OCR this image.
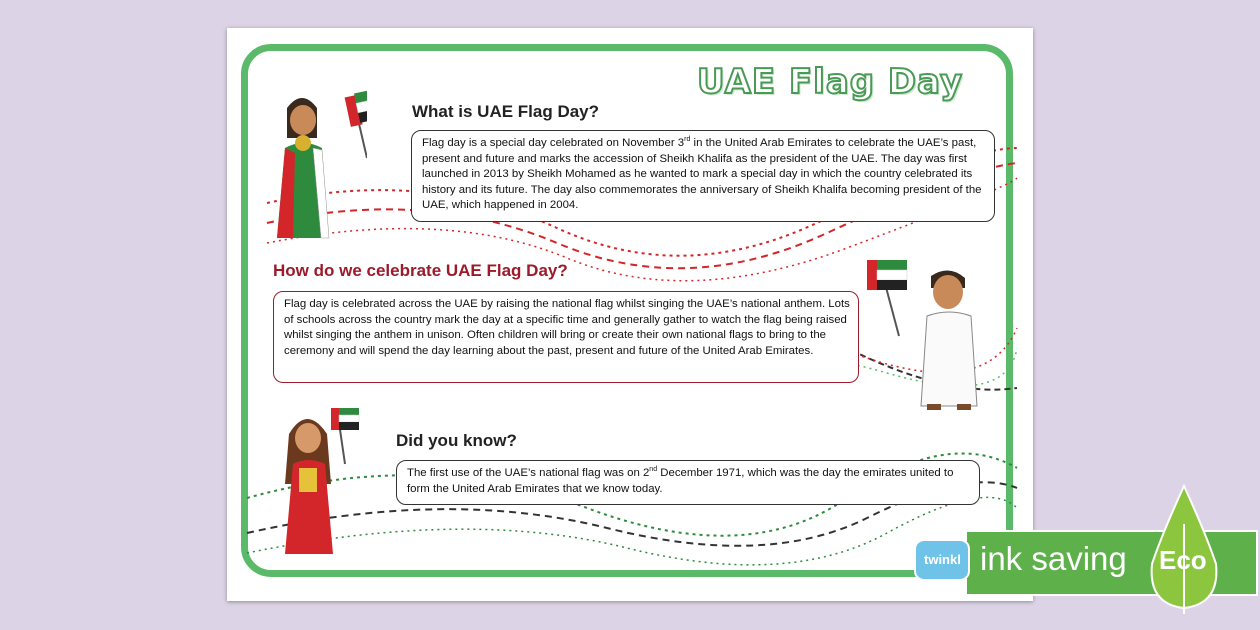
UAE Flag Day
What is UAE Flag Day?
Flag day is a special day celebrated on November 3rd in the United Arab Emirates to celebrate the UAE’s past, present and future and marks the accession of Sheikh Khalifa as the president of the UAE. The day was first launched in 2013 by Sheikh Mohamed as he wanted to mark a special day in which the country celebrated its history and its future. The day also commemorates the anniversary of Sheikh Khalifa becoming president of the UAE, which happened in 2004.
How do we celebrate UAE Flag Day?
Flag day is celebrated across the UAE by raising the national flag whilst singing the UAE’s national anthem. Lots of schools across the country mark the day at a specific time and generally gather to watch the flag being raised whilst singing the anthem in unison. Often children will bring or create their own national flags to bring to the ceremony and will spend the day learning about the past, present and future of the United Arab Emirates.
Did you know?
The first use of the UAE’s national flag was on 2nd December 1971, which was the day the emirates united to form the United Arab Emirates that we know today.
twinkl ink saving Eco
